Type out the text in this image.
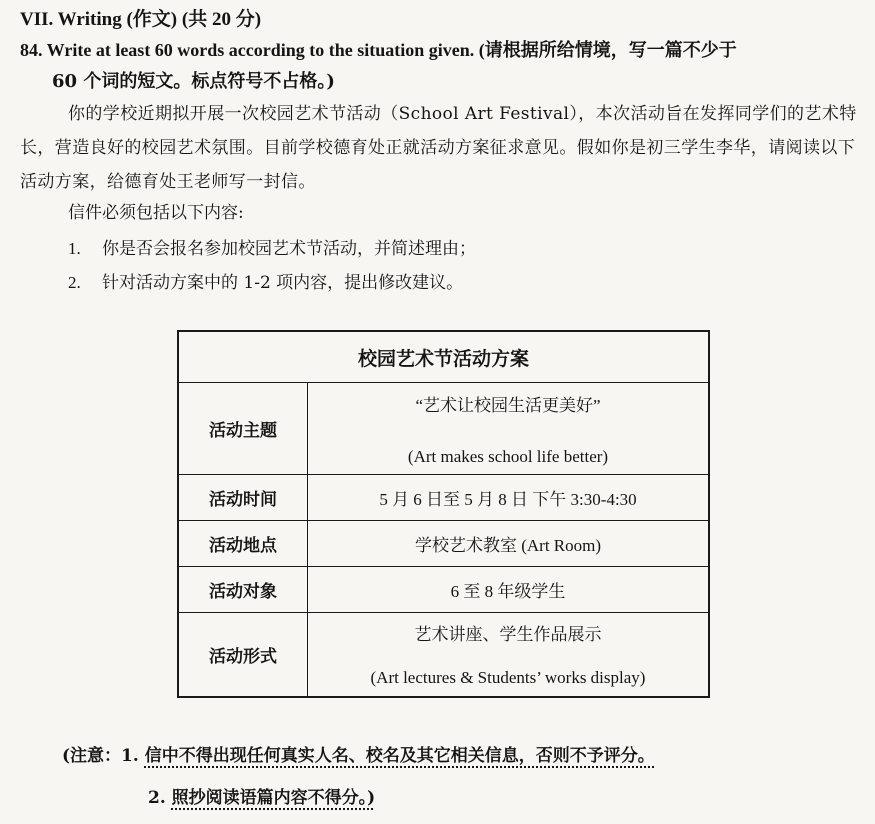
VII. Writing (作文) (共 20 分)
84. Write at least 60 words according to the situation given. (请根据所给情境，写一篇不少于
60 个词的短文。标点符号不占格。)
你的学校近期拟开展一次校园艺术节活动（School Art Festival），本次活动旨在发挥同学们的艺术特长，营造良好的校园艺术氛围。目前学校德育处正就活动方案征求意见。假如你是初三学生李华，请阅读以下活动方案，给德育处王老师写一封信。
信件必须包括以下内容:
1. 你是否会报名参加校园艺术节活动，并简述理由；
2. 针对活动方案中的 1-2 项内容，提出修改建议。
校园艺术节活动方案	
活动主题	“艺术让校园生活更美好”
(Art makes school life better)

活动时间	5 月 6 日至 5 月 8 日 下午 3:30-4:30
活动地点	学校艺术教室 (Art Room)
活动对象	6 至 8 年级学生
活动形式	艺术讲座、学生作品展示
(Art lectures & Students’ works display)
(注意：1. 信中不得出现任何真实人名、校名及其它相关信息，否则不予评分。
2. 照抄阅读语篇内容不得分。)
